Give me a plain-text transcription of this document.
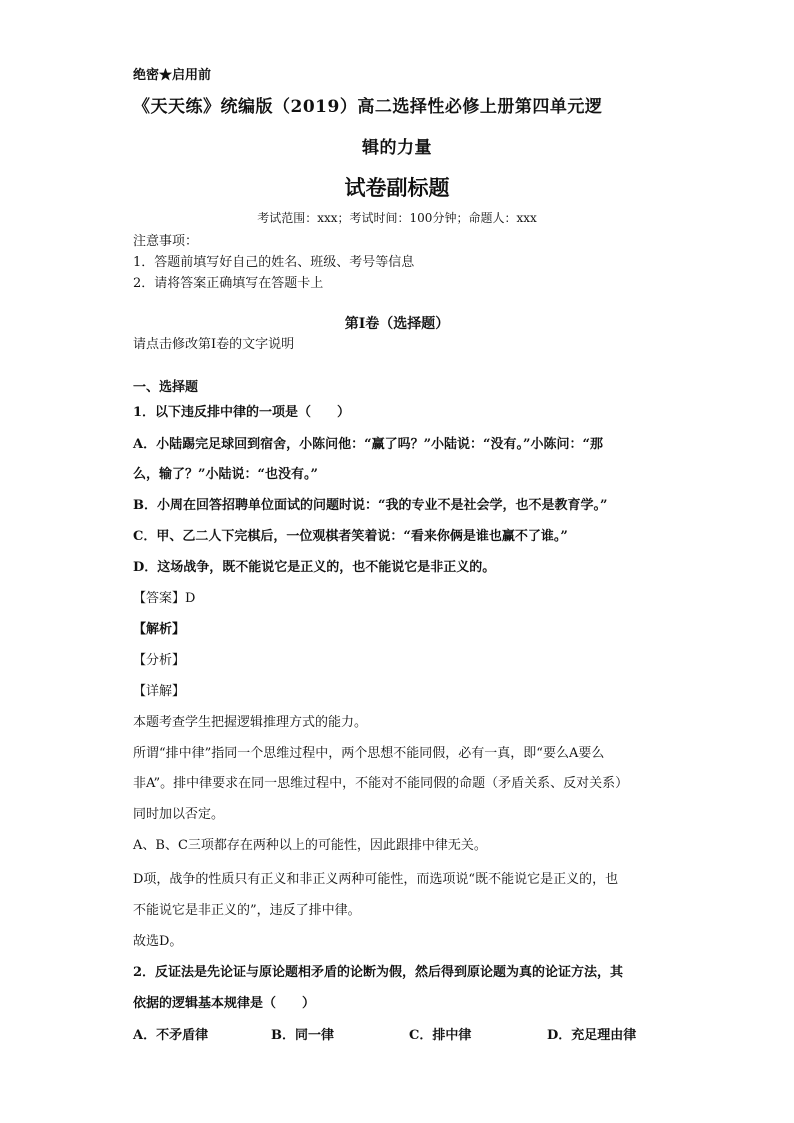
绝密★启用前
《天天练》统编版（2019）高二选择性必修上册第四单元逻
辑的力量
试卷副标题
考试范围：xxx；考试时间：100分钟；命题人：xxx
注意事项：
1．答题前填写好自己的姓名、班级、考号等信息
2．请将答案正确填写在答题卡上
第I卷（选择题）
请点击修改第I卷的文字说明
一、选择题
1．以下违反排中律的一项是（　　）
A．小陆踢完足球回到宿舍，小陈问他：“赢了吗？”小陆说：“没有。”小陈问：“那
么，输了？”小陆说：“也没有。”
B．小周在回答招聘单位面试的问题时说：“我的专业不是社会学，也不是教育学。”
C．甲、乙二人下完棋后，一位观棋者笑着说：“看来你俩是谁也赢不了谁。”
D．这场战争，既不能说它是正义的，也不能说它是非正义的。
【答案】D
【解析】
【分析】
【详解】
本题考查学生把握逻辑推理方式的能力。
所谓“排中律”指同一个思维过程中，两个思想不能同假，必有一真，即“要么A要么
非A”。排中律要求在同一思维过程中，不能对不能同假的命题（矛盾关系、反对关系）
同时加以否定。
A、B、C三项都存在两种以上的可能性，因此跟排中律无关。
D项，战争的性质只有正义和非正义两种可能性，而选项说“既不能说它是正义的，也
不能说它是非正义的”，违反了排中律。
故选D。
2．反证法是先论证与原论题相矛盾的论断为假，然后得到原论题为真的论证方法，其
依据的逻辑基本规律是（　　）
A．不矛盾律	B．同一律	C．排中律	D．充足理由律
